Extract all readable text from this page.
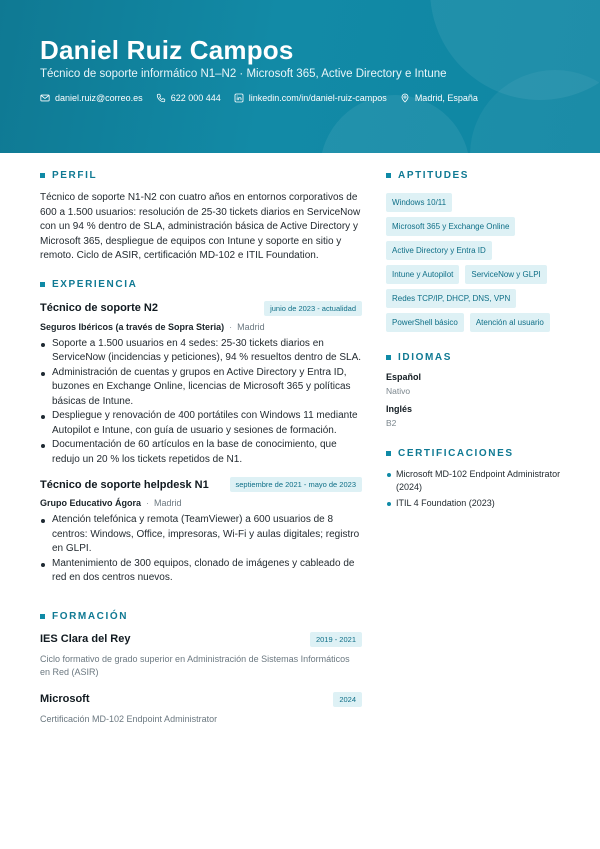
Daniel Ruiz Campos
Técnico de soporte informático N1–N2 · Microsoft 365, Active Directory e Intune
daniel.ruiz@correo.es	622 000 444	linkedin.com/in/daniel-ruiz-campos	Madrid, España
PERFIL

Técnico de soporte N1-N2 con cuatro años en entornos corporativos de 600 a 1.500 usuarios: resolución de 25-30 tickets diarios en ServiceNow con un 94 % dentro de SLA, administración básica de Active Directory y Microsoft 365, despliegue de equipos con Intune y soporte en sitio y remoto. Ciclo de ASIR, certificación MD-102 e ITIL Foundation.

EXPERIENCIA
Técnico de soporte N2	junio de 2023 - actualidad
Seguros Ibéricos (a través de Sopra Steria) · Madrid
Soporte a 1.500 usuarios en 4 sedes: 25-30 tickets diarios en ServiceNow (incidencias y peticiones), 94 % resueltos dentro de SLA.
Administración de cuentas y grupos en Active Directory y Entra ID, buzones en Exchange Online, licencias de Microsoft 365 y políticas básicas de Intune.
Despliegue y renovación de 400 portátiles con Windows 11 mediante Autopilot e Intune, con guía de usuario y sesiones de formación.
Documentación de 60 artículos en la base de conocimiento, que redujo un 20 % los tickets repetidos de N1.
Técnico de soporte helpdesk N1	septiembre de 2021 - mayo de 2023
Grupo Educativo Ágora · Madrid
Atención telefónica y remota (TeamViewer) a 600 usuarios de 8 centros: Windows, Office, impresoras, Wi-Fi y aulas digitales; registro en GLPI.
Mantenimiento de 300 equipos, clonado de imágenes y cableado de red en dos centros nuevos.
FORMACIÓN
IES Clara del Rey	2019 - 2021
Ciclo formativo de grado superior en Administración de Sistemas Informáticos en Red (ASIR)
Microsoft	2024
Certificación MD-102 Endpoint Administrator
APTITUDES
Windows 10/11
Microsoft 365 y Exchange Online
Active Directory y Entra ID
Intune y Autopilot	ServiceNow y GLPI
Redes TCP/IP, DHCP, DNS, VPN
PowerShell básico	Atención al usuario
IDIOMAS
Español
Nativo
Inglés
B2
CERTIFICACIONES
Microsoft MD-102 Endpoint Administrator (2024)
ITIL 4 Foundation (2023)
